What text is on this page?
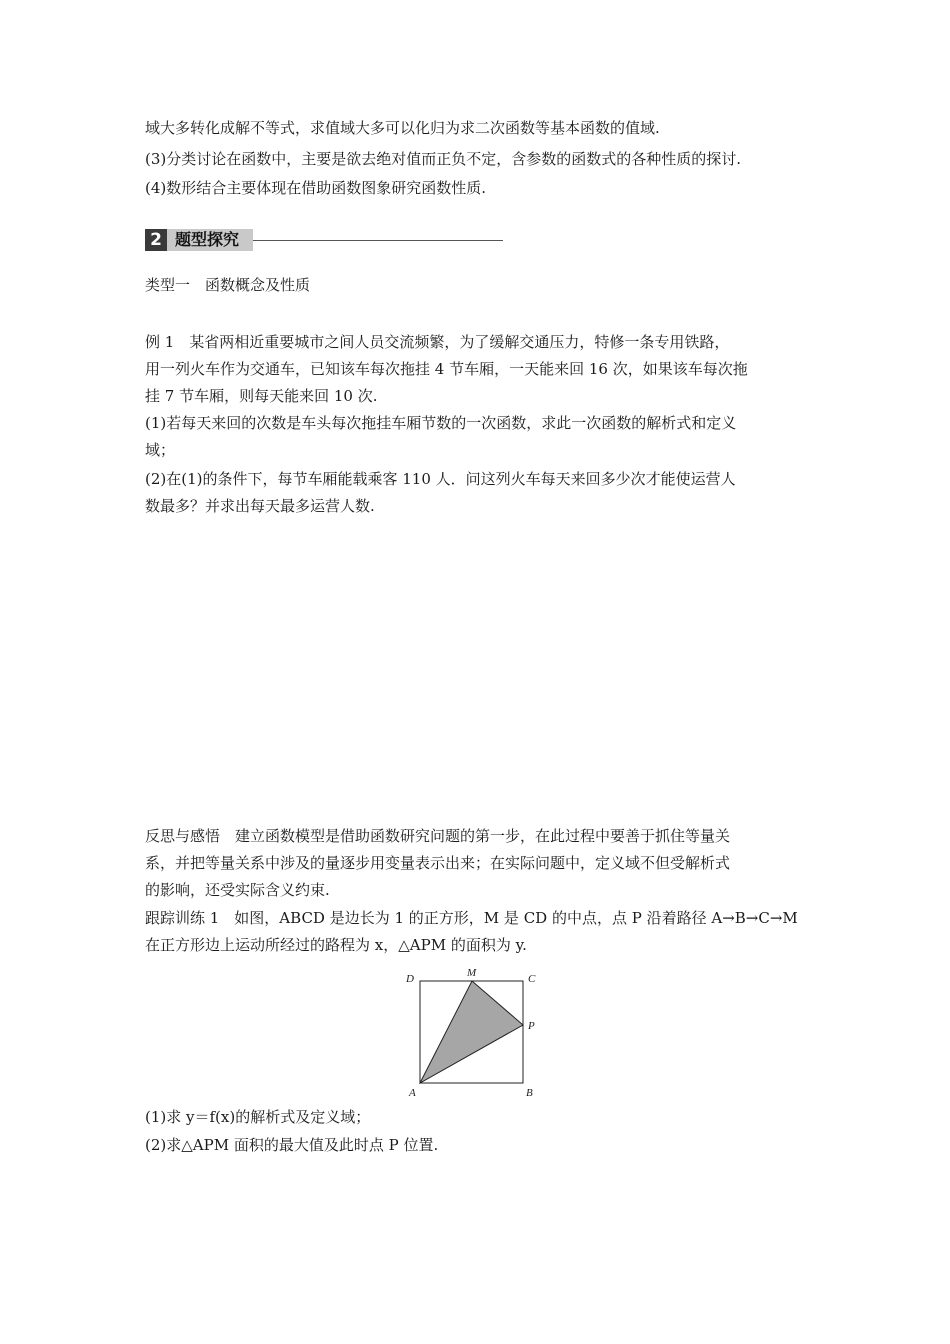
域大多转化成解不等式，求值域大多可以化归为求二次函数等基本函数的值域.
(3)分类讨论在函数中，主要是欲去绝对值而正负不定，含参数的函数式的各种性质的探讨.
(4)数形结合主要体现在借助函数图象研究函数性质.
2 题型探究
类型一　函数概念及性质
例 1　某省两相近重要城市之间人员交流频繁，为了缓解交通压力，特修一条专用铁路，
用一列火车作为交通车，已知该车每次拖挂 4 节车厢，一天能来回 16 次，如果该车每次拖
挂 7 节车厢，则每天能来回 10 次.
(1)若每天来回的次数是车头每次拖挂车厢节数的一次函数，求此一次函数的解析式和定义
域；
(2)在(1)的条件下，每节车厢能载乘客 110 人．问这列火车每天来回多少次才能使运营人
数最多？并求出每天最多运营人数.
反思与感悟　建立函数模型是借助函数研究问题的第一步，在此过程中要善于抓住等量关
系，并把等量关系中涉及的量逐步用变量表示出来；在实际问题中，定义域不但受解析式
的影响，还受实际含义约束.
跟踪训练 1　如图，ABCD 是边长为 1 的正方形，M 是 CD 的中点，点 P 沿着路径 A→B→C→M
在正方形边上运动所经过的路程为 x，△APM 的面积为 y.
D	M	C
P
A	B
(1)求 y＝f(x)的解析式及定义域；
(2)求△APM 面积的最大值及此时点 P 位置.
